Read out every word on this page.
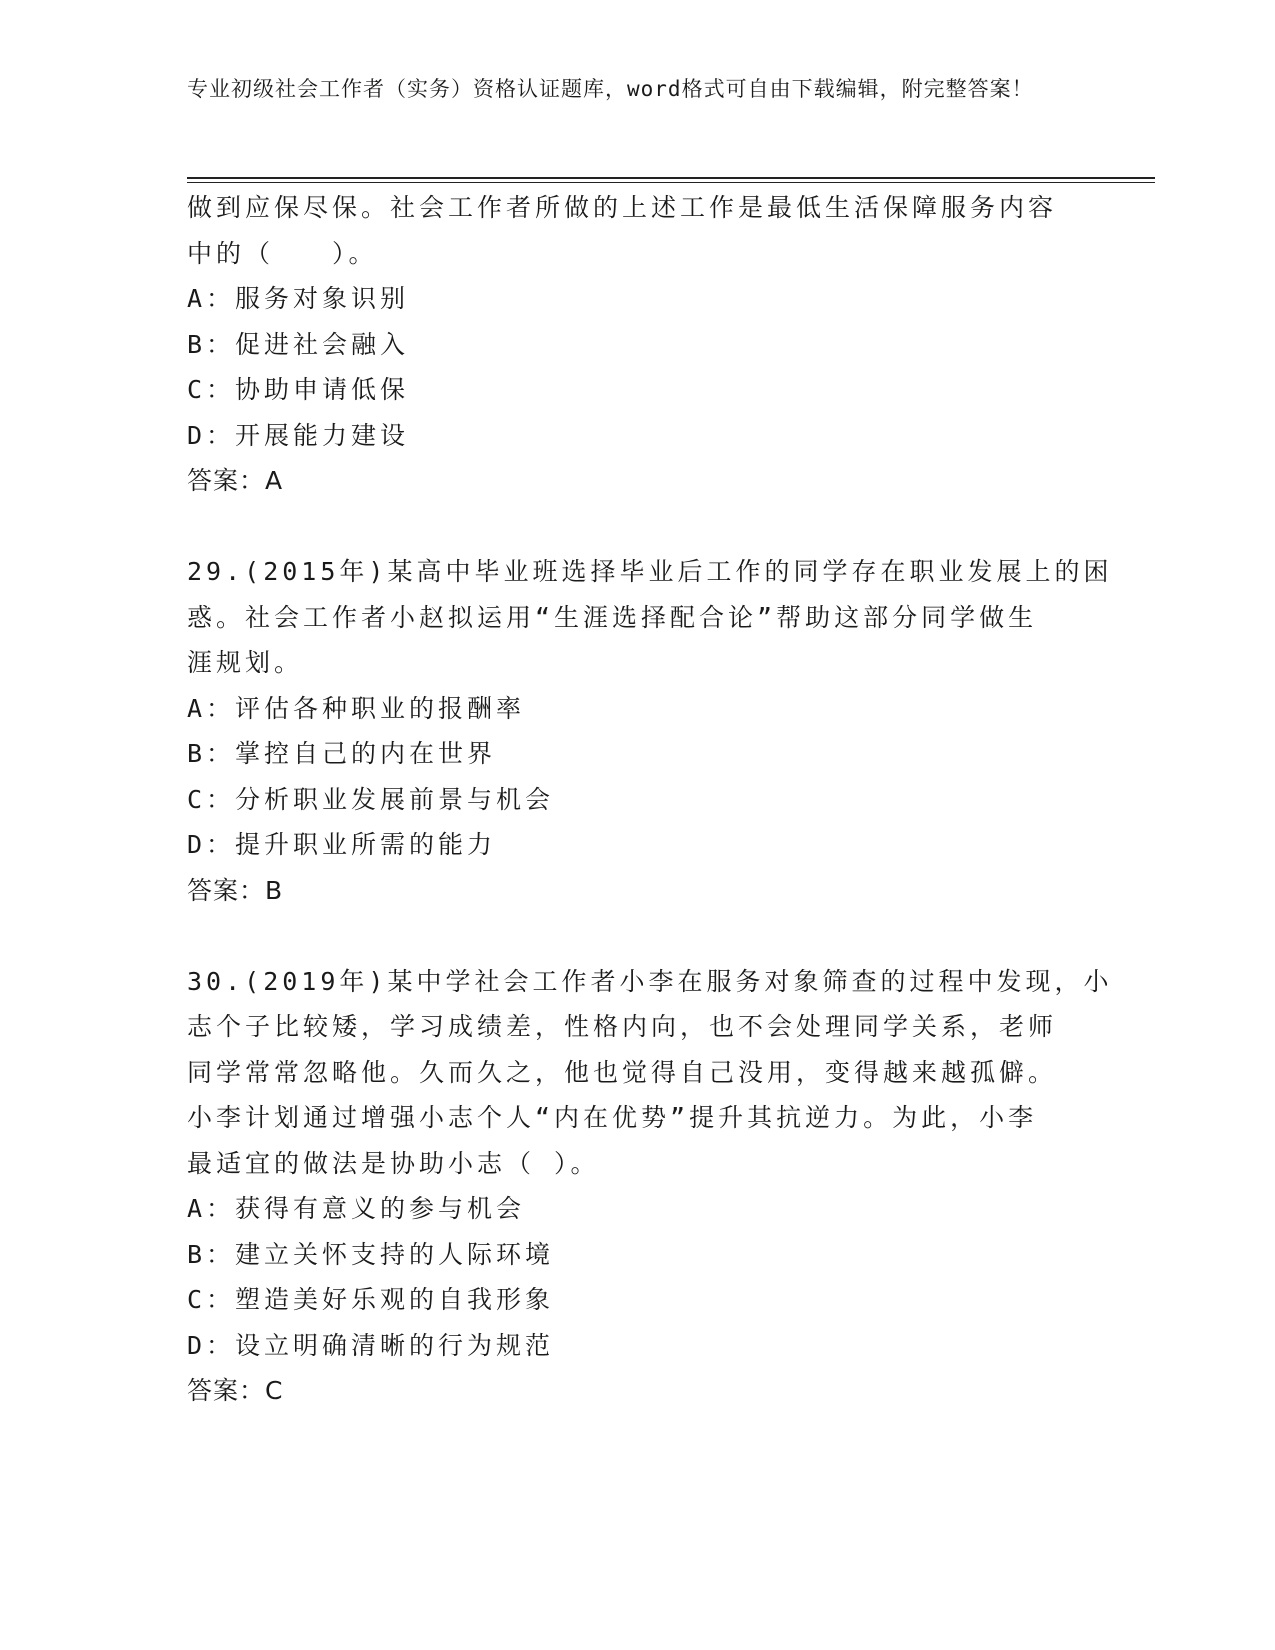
专业初级社会工作者（实务）资格认证题库，word格式可自由下载编辑，附完整答案！
做到应保尽保。社会工作者所做的上述工作是最低生活保障服务内容
中的（　　）。
A：服务对象识别
B：促进社会融入
C：协助申请低保
D：开展能力建设
答案：A
29.(2015年)某高中毕业班选择毕业后工作的同学存在职业发展上的困
惑。社会工作者小赵拟运用“生涯选择配合论”帮助这部分同学做生
涯规划。
A：评估各种职业的报酬率
B：掌控自己的内在世界
C：分析职业发展前景与机会
D：提升职业所需的能力
答案：B
30.(2019年)某中学社会工作者小李在服务对象筛查的过程中发现，小
志个子比较矮，学习成绩差，性格内向，也不会处理同学关系，老师
同学常常忽略他。久而久之，他也觉得自己没用，变得越来越孤僻。
小李计划通过增强小志个人“内在优势”提升其抗逆力。为此，小李
最适宜的做法是协助小志（ ）。
A：获得有意义的参与机会
B：建立关怀支持的人际环境
C：塑造美好乐观的自我形象
D：设立明确清晰的行为规范
答案：C
